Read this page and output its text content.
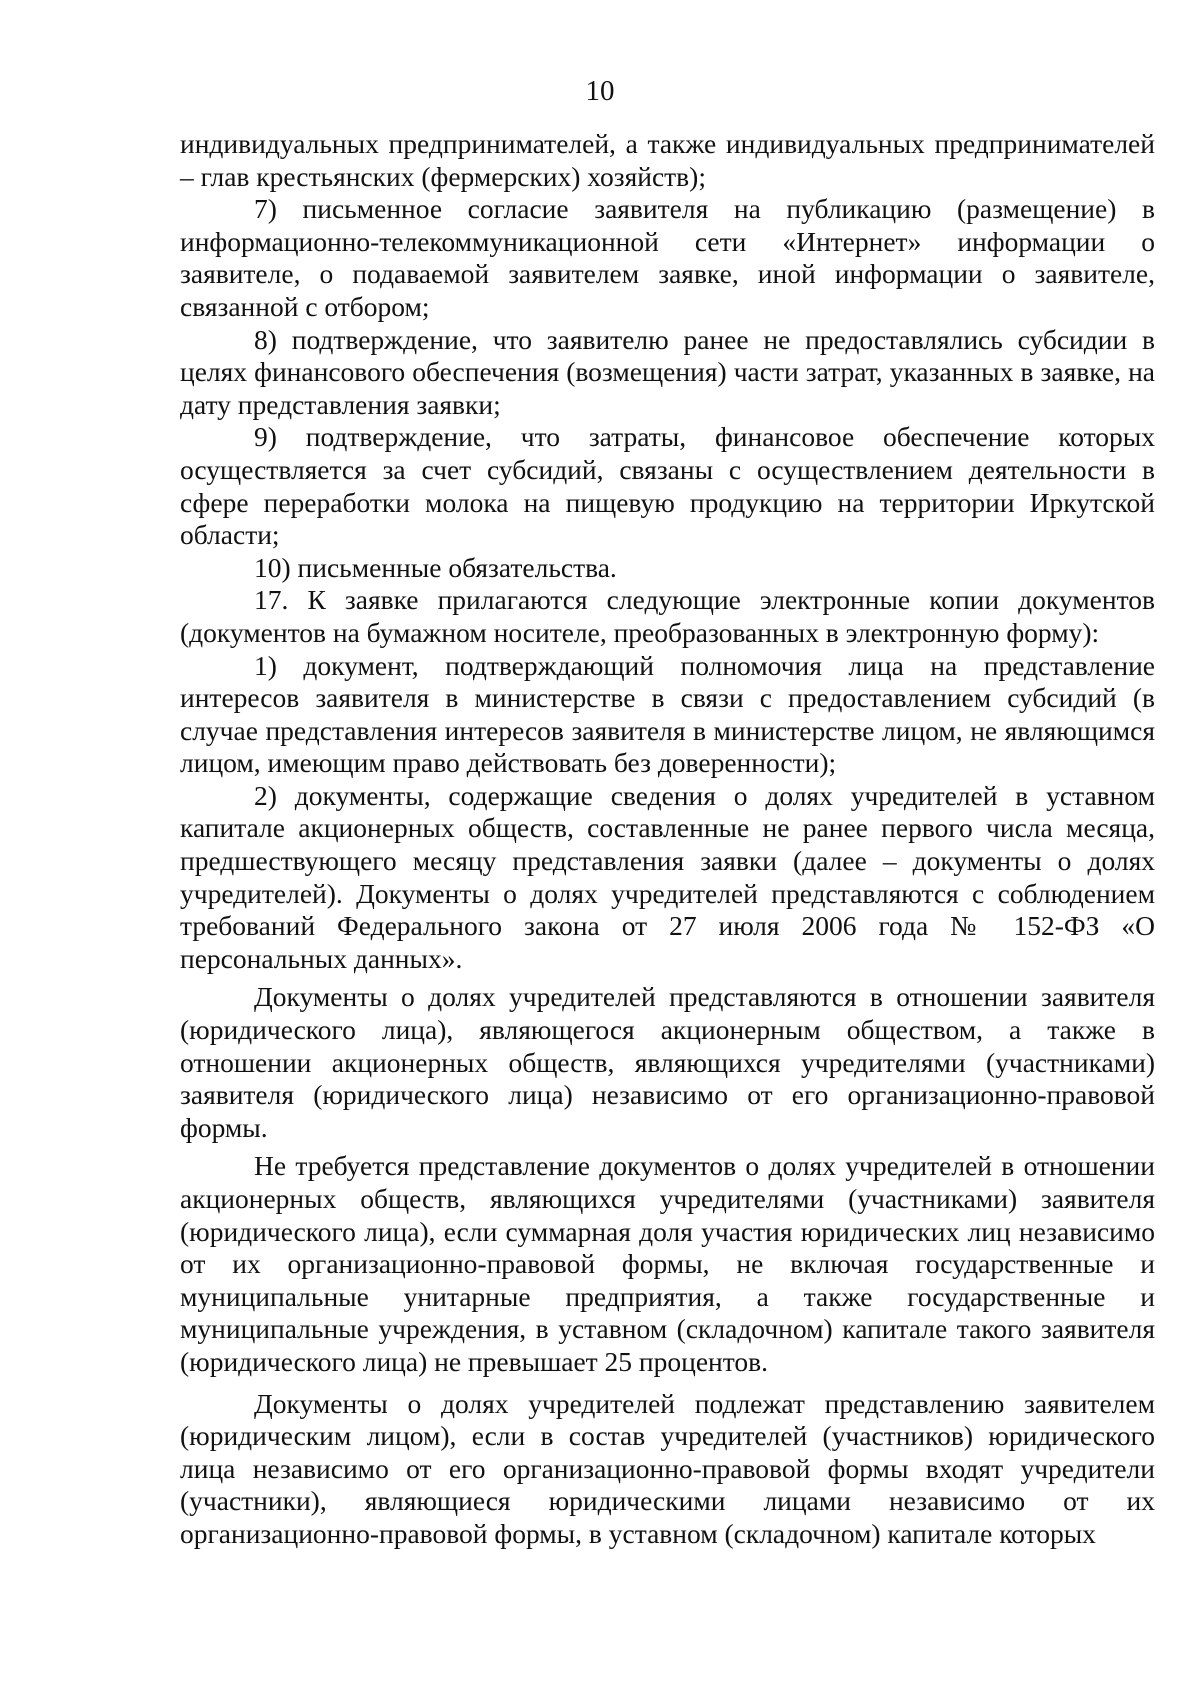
10

индивидуальных предпринимателей, а также индивидуальных предпринимателей – глав крестьянских (фермерских) хозяйств);

7) письменное согласие заявителя на публикацию (размещение) в информационно-телекоммуникационной сети «Интернет» информации о заявителе, о подаваемой заявителем заявке, иной информации о заявителе, связанной с отбором;

8) подтверждение, что заявителю ранее не предоставлялись субсидии в целях финансового обеспечения (возмещения) части затрат, указанных в заявке, на дату представления заявки;

9) подтверждение, что затраты, финансовое обеспечение которых осуществляется за счет субсидий, связаны с осуществлением деятельности в сфере переработки молока на пищевую продукцию на территории Иркутской области;

10) письменные обязательства.

17. К заявке прилагаются следующие электронные копии документов (документов на бумажном носителе, преобразованных в электронную форму):

1) документ, подтверждающий полномочия лица на представление интересов заявителя в министерстве в связи с предоставлением субсидий (в случае представления интересов заявителя в министерстве лицом, не являющимся лицом, имеющим право действовать без доверенности);

2) документы, содержащие сведения о долях учредителей в уставном капитале акционерных обществ, составленные не ранее первого числа месяца, предшествующего месяцу представления заявки (далее – документы о долях учредителей). Документы о долях учредителей представляются с соблюдением требований Федерального закона от 27 июля 2006 года № 152-ФЗ «О персональных данных».

Документы о долях учредителей представляются в отношении заявителя (юридического лица), являющегося акционерным обществом, а также в отношении акционерных обществ, являющихся учредителями (участниками) заявителя (юридического лица) независимо от его организационно-правовой формы.

Не требуется представление документов о долях учредителей в отношении акционерных обществ, являющихся учредителями (участниками) заявителя (юридического лица), если суммарная доля участия юридических лиц независимо от их организационно-правовой формы, не включая государственные и муниципальные унитарные предприятия, а также государственные и муниципальные учреждения, в уставном (складочном) капитале такого заявителя (юридического лица) не превышает 25 процентов.

Документы о долях учредителей подлежат представлению заявителем (юридическим лицом), если в состав учредителей (участников) юридического лица независимо от его организационно-правовой формы входят учредители (участники), являющиеся юридическими лицами независимо от их организационно-правовой формы, в уставном (складочном) капитале которых
